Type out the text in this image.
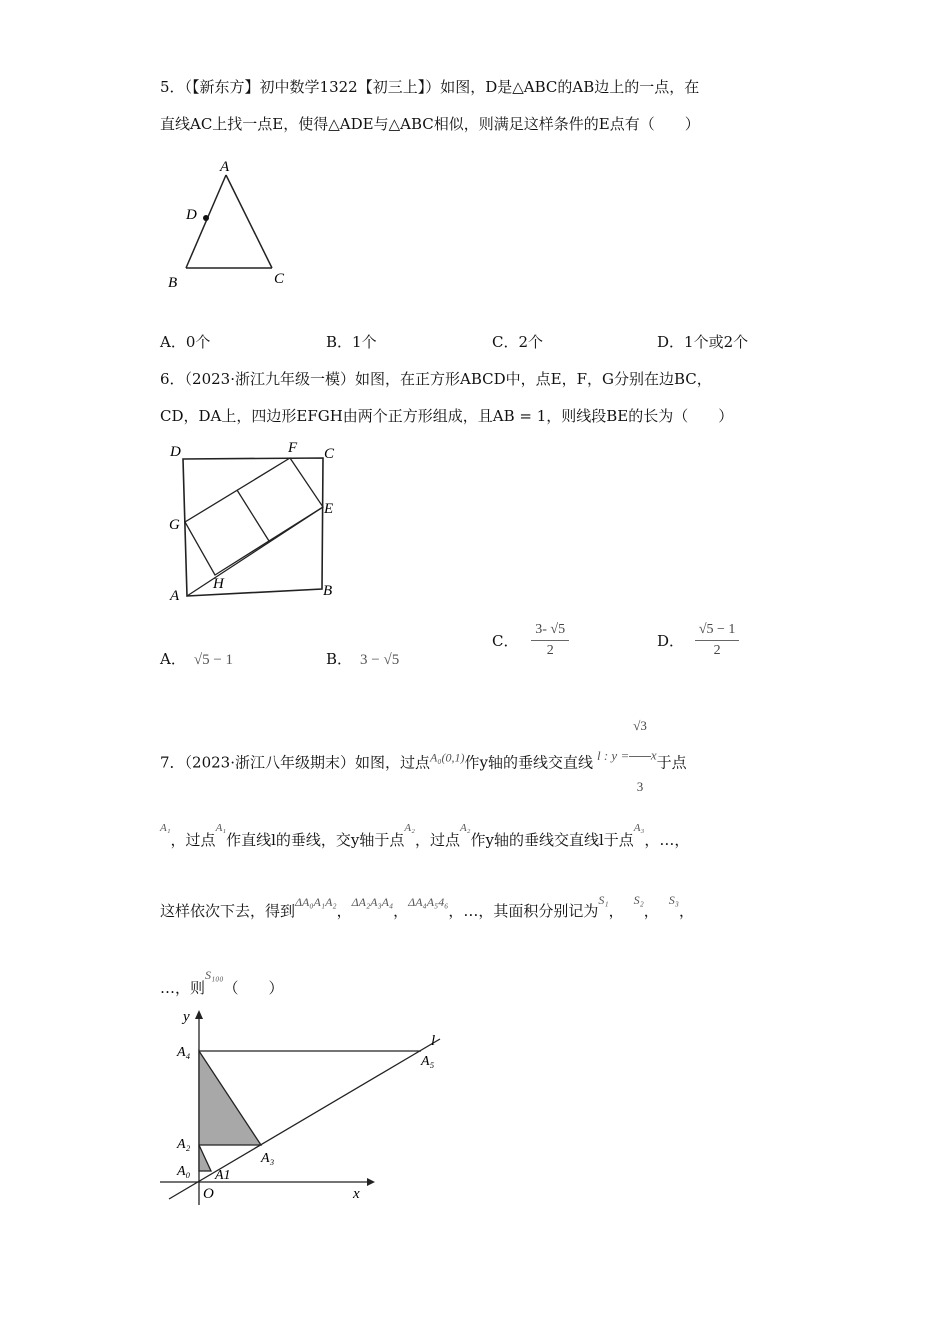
5．（【新东方】初中数学1322【初三上】）如图，D是△ABC的AB边上的一点，在
直线AC上找一点E，使得△ADE与△ABC相似，则满足这样条件的E点有（　　）
A
D
B	C
A．0个	B．1个	C．2个	D．1个或2个
6．（2023·浙江九年级一模）如图，在正方形ABCD中，点E，F，G分别在边BC，
CD，DA上，四边形EFGH由两个正方形组成，且AB = 1，则线段BE的长为（　　）
D	F C
E
G
H
A	B
A． √5 − 1	B． 3 − √5
C． $\frac{3- √5}{2}$	D． $\frac{√5 - 1}{2}$
7．（2023·浙江八年级期末）如图，过点$^{A_0(0,1)}$作y轴的垂线交直线 l : $y = \frac{√3}{3}$ x于点
$^{A_1}$，过点$^{A_1}$作直线l的垂线，交y轴于点$^{A_2}$，过点$^{A_2}$作y轴的垂线交直线l于点$^{A_3}$，…，
这样依次下去，得到$^{\Delta A_0A_1A_2}$，$^{\Delta A_2A_3A_4}$，$^{\Delta A_4A_54_6}$，…，其面积分别记为$^{S_1}$，$^{S_2}$，$^{S_3}$，
…，则$^{S_{100}}$（　　）
y
x
O
l
A₅
A₄
A₂
A₃
A₀ A1
